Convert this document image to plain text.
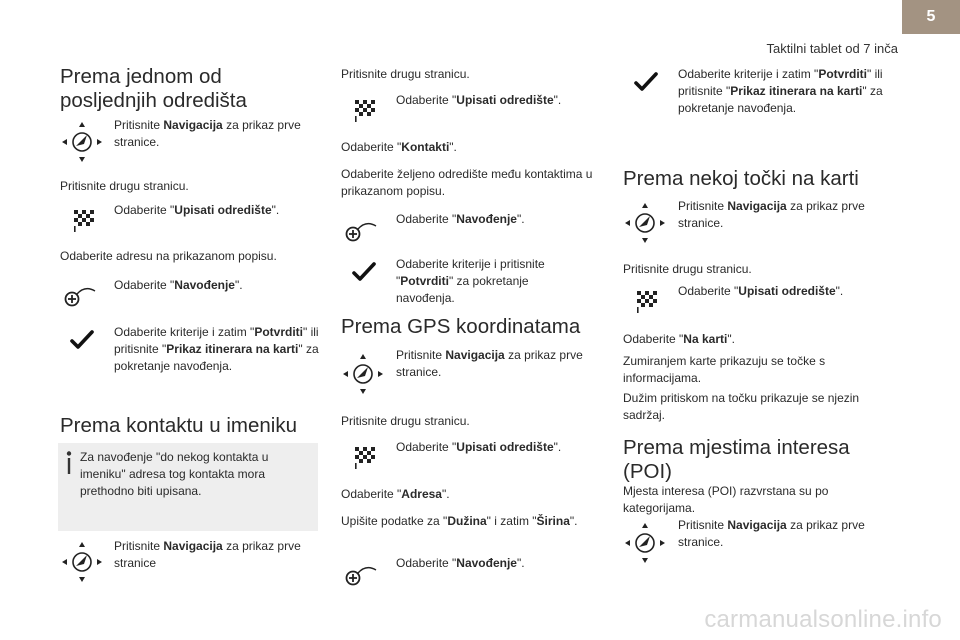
5
Taktilni tablet od 7 inča
Prema jednom od posljednjih odredišta
Pritisnite Navigacija za prikaz prve stranice.
Pritisnite drugu stranicu.
Odaberite "Upisati odredište".
Odaberite adresu na prikazanom popisu.
Odaberite "Navođenje".
Odaberite kriterije i zatim "Potvrditi" ili pritisnite "Prikaz itinerara na karti" za pokretanje navođenja.
Prema kontaktu u imeniku
Za navođenje "do nekog kontakta u imeniku" adresa tog kontakta mora prethodno biti upisana.
Pritisnite Navigacija za prikaz prve stranice
Pritisnite drugu stranicu.
Odaberite "Upisati odredište".
Odaberite "Kontakti".
Odaberite željeno odredište među kontaktima u prikazanom popisu.
Odaberite "Navođenje".
Odaberite kriterije i pritisnite "Potvrditi" za pokretanje navođenja.
Prema GPS koordinatama
Pritisnite Navigacija za prikaz prve stranice.
Pritisnite drugu stranicu.
Odaberite "Upisati odredište".
Odaberite "Adresa".
Upišite podatke za "Dužina" i zatim "Širina".
Odaberite "Navođenje".
Odaberite kriterije i zatim "Potvrditi" ili pritisnite "Prikaz itinerara na karti" za pokretanje navođenja.
Prema nekoj točki na karti
Pritisnite Navigacija za prikaz prve stranice.
Pritisnite drugu stranicu.
Odaberite "Upisati odredište".
Odaberite "Na karti".
Zumiranjem karte prikazuju se točke s informacijama.
Dužim pritiskom na točku prikazuje se njezin sadržaj.
Prema mjestima interesa (POI)
Mjesta interesa (POI) razvrstana su po kategorijama.
Pritisnite Navigacija za prikaz prve stranice.
carmanualsonline.info
